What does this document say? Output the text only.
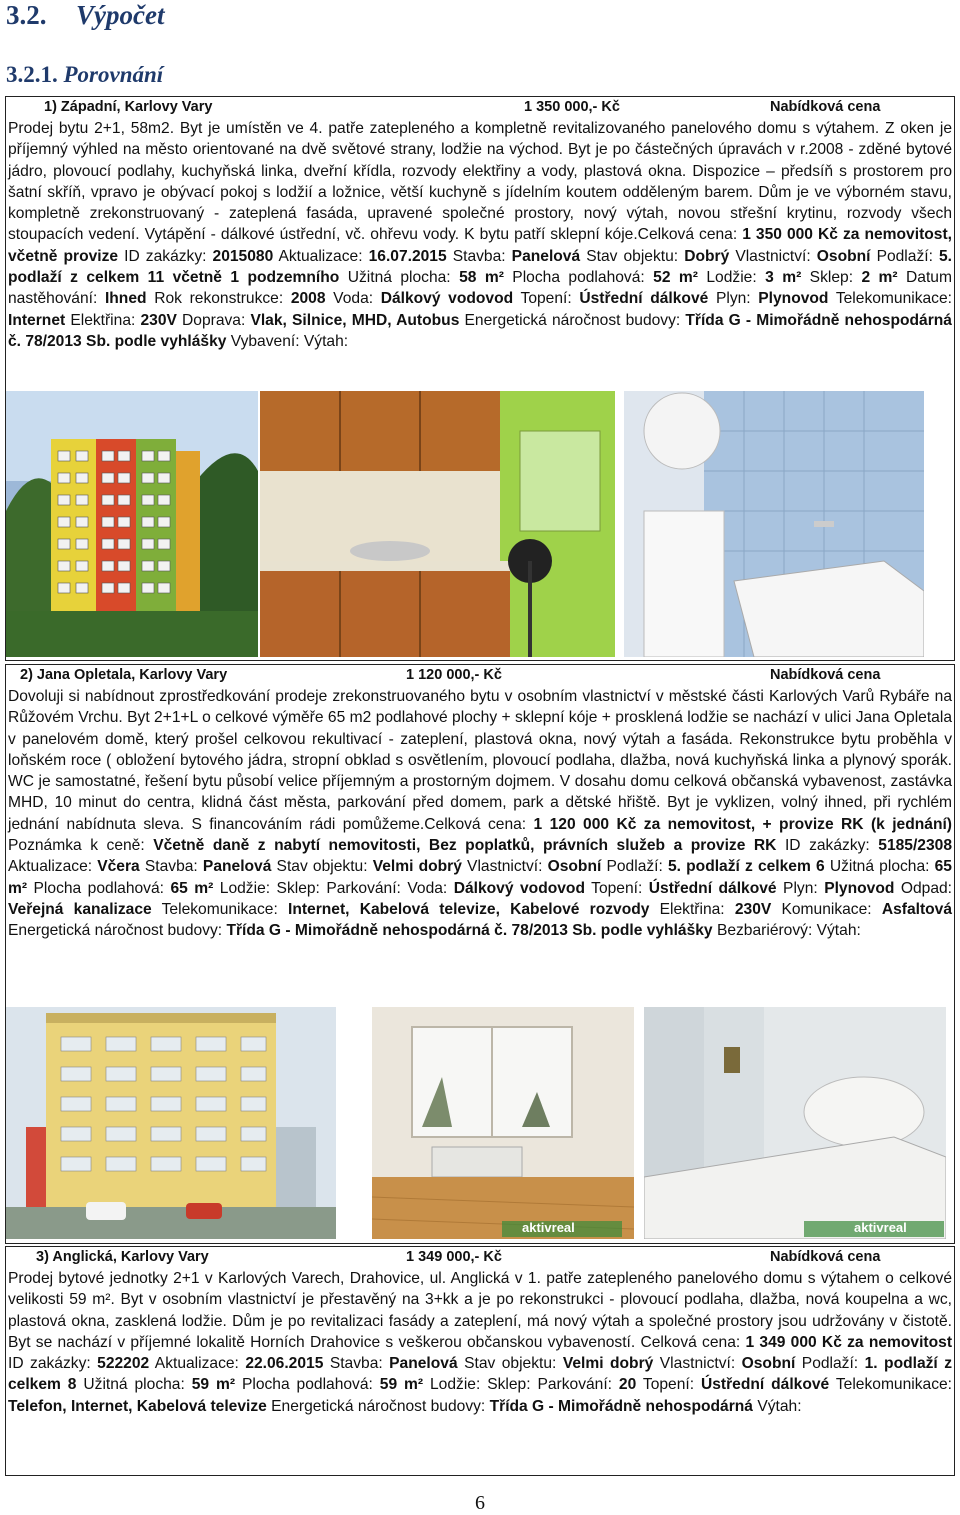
3.2. Výpočet
3.2.1. Porovnání
1) Západní, Karlovy Vary	1 350 000,- Kč	Nabídková cena
Prodej bytu 2+1, 58m2. Byt je umístěn ve 4. patře zatepleného a kompletně revitalizovaného panelového domu s výtahem. Z oken je příjemný výhled na město orientované na dvě světové strany, lodžie na východ. Byt je po částečných úpravách v r.2008 - zděné bytové jádro, plovoucí podlahy, kuchyňská linka, dveřní křídla, rozvody elektřiny a vody, plastová okna. Dispozice – předsíň s prostorem pro šatní skříň, vpravo je obývací pokoj s lodžií a ložnice, větší kuchyně s jídelním koutem odděleným barem. Dům je ve výborném stavu, kompletně zrekonstruovaný - zateplená fasáda, upravené společné prostory, nový výtah, novou střešní krytinu, rozvody všech stoupacích vedení. Vytápění - dálkové ústřední, vč. ohřevu vody. K bytu patří sklepní kóje.Celková cena: 1 350 000 Kč za nemovitost, včetně provize ID zakázky: 2015080 Aktualizace: 16.07.2015 Stavba: Panelová Stav objektu: Dobrý Vlastnictví: Osobní Podlaží: 5. podlaží z celkem 11 včetně 1 podzemního Užitná plocha: 58 m² Plocha podlahová: 52 m² Lodžie: 3 m² Sklep: 2 m² Datum nastěhování: Ihned Rok rekonstrukce: 2008 Voda: Dálkový vodovod Topení: Ústřední dálkové Plyn: Plynovod Telekomunikace: Internet Elektřina: 230V Doprava: Vlak, Silnice, MHD, Autobus Energetická náročnost budovy: Třída G - Mimořádně nehospodárná č. 78/2013 Sb. podle vyhlášky Vybavení: Výtah:
2) Jana Opletala, Karlovy Vary	1 120 000,- Kč	Nabídková cena
Dovoluji si nabídnout zprostředkování prodeje zrekonstruovaného bytu v osobním vlastnictví v městské části Karlových Varů Rybáře na Růžovém Vrchu. Byt 2+1+L o celkové výměře 65 m2 podlahové plochy + sklepní kóje + prosklená lodžie se nachází v ulici Jana Opletala v panelovém domě, který prošel celkovou rekultivací - zateplení, plastová okna, nový výtah a fasáda. Rekonstrukce bytu proběhla v loňském roce ( obložení bytového jádra, stropní obklad s osvětlením, plovoucí podlaha, dlažba, nová kuchyňská linka a plynový sporák. WC je samostatné, řešení bytu působí velice příjemným a prostorným dojmem. V dosahu domu celková občanská vybavenost, zastávka MHD, 10 minut do centra, klidná část města, parkování před domem, park a dětské hřiště. Byt je vyklizen, volný ihned, při rychlém jednání nabídnuta sleva. S financováním rádi pomůžeme.Celková cena: 1 120 000 Kč za nemovitost, + provize RK (k jednání) Poznámka k ceně: Včetně daně z nabytí nemovitosti, Bez poplatků, právních služeb a provize RK ID zakázky: 5185/2308 Aktualizace: Včera Stavba: Panelová Stav objektu: Velmi dobrý Vlastnictví: Osobní Podlaží: 5. podlaží z celkem 6 Užitná plocha: 65 m² Plocha podlahová: 65 m² Lodžie: Sklep: Parkování: Voda: Dálkový vodovod Topení: Ústřední dálkové Plyn: Plynovod Odpad: Veřejná kanalizace Telekomunikace: Internet, Kabelová televize, Kabelové rozvody Elektřina: 230V Komunikace: Asfaltová Energetická náročnost budovy: Třída G - Mimořádně nehospodárná č. 78/2013 Sb. podle vyhlášky Bezbariérový: Výtah:
aktivreal	aktivreal
3) Anglická, Karlovy Vary	1 349 000,- Kč	Nabídková cena
Prodej bytové jednotky 2+1 v Karlových Varech, Drahovice, ul. Anglická v 1. patře zatepleného panelového domu s výtahem o celkové velikosti 59 m². Byt v osobním vlastnictví je přestavěný na 3+kk a je po rekonstrukci - plovoucí podlaha, dlažba, nová koupelna a wc, plastová okna, zasklená lodžie. Dům je po revitalizaci fasády a zateplení, má nový výtah a společné prostory jsou udržovány v čistotě. Byt se nachází v příjemné lokalitě Horních Drahovice s veškerou občanskou vybaveností. Celková cena: 1 349 000 Kč za nemovitost ID zakázky: 522202 Aktualizace: 22.06.2015 Stavba: Panelová Stav objektu: Velmi dobrý Vlastnictví: Osobní Podlaží: 1. podlaží z celkem 8 Užitná plocha: 59 m² Plocha podlahová: 59 m² Lodžie: Sklep: Parkování: 20 Topení: Ústřední dálkové Telekomunikace: Telefon, Internet, Kabelová televize Energetická náročnost budovy: Třída G - Mimořádně nehospodárná Výtah:
6
